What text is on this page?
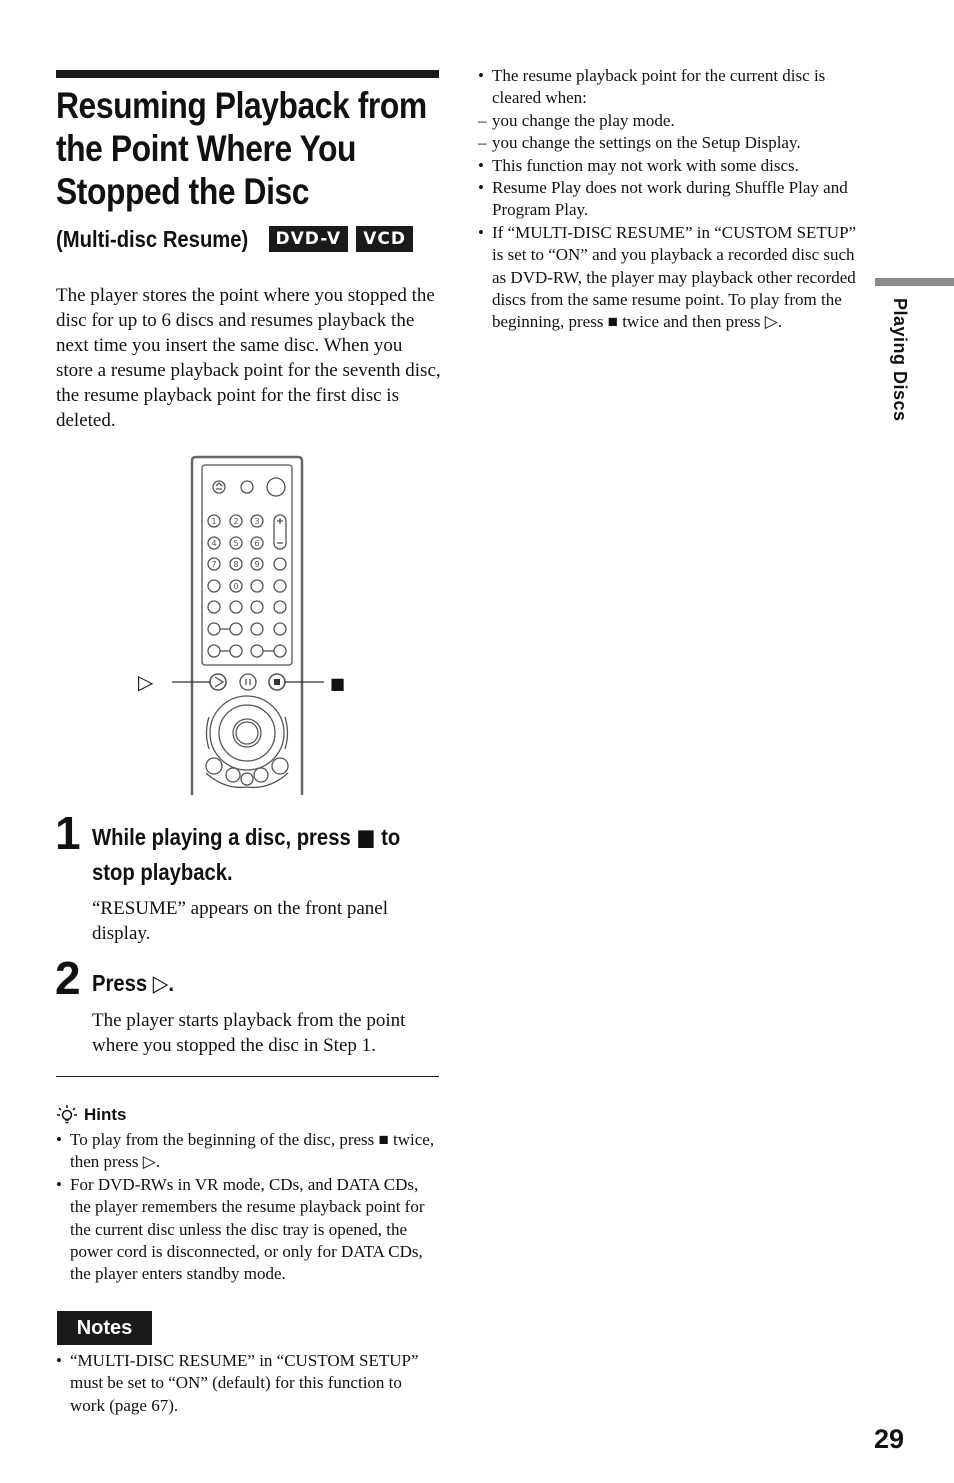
Resuming Playback from
the Point Where You
Stopped the Disc
(Multi-disc Resume)	DVD-V	VCD

The player stores the point where you stopped the disc for up to 6 discs and resumes playback the next time you insert the same disc. When you store a resume playback point for the seventh disc, the resume playback point for the first disc is deleted.

1 2 3
4 5 6
7 8 9
0
▷	■
1 While playing a disc, press ■ to stop playback.
“RESUME” appears on the front panel display.
2 Press ▷.
The player starts playback from the point where you stopped the disc in Step 1.
Hints
• To play from the beginning of the disc, press ■ twice, then press ▷.
• For DVD-RWs in VR mode, CDs, and DATA CDs, the player remembers the resume playback point for the current disc unless the disc tray is opened, the power cord is disconnected, or only for DATA CDs, the player enters standby mode.
Notes
• “MULTI-DISC RESUME” in “CUSTOM SETUP” must be set to “ON” (default) for this function to work (page 67).
• The resume playback point for the current disc is cleared when:
– you change the play mode.
– you change the settings on the Setup Display.
• This function may not work with some discs.
• Resume Play does not work during Shuffle Play and Program Play.
• If “MULTI-DISC RESUME” in “CUSTOM SETUP” is set to “ON” and you playback a recorded disc such as DVD-RW, the player may playback other recorded discs from the same resume point. To play from the beginning, press ■ twice and then press ▷.	Playing Discs
29
